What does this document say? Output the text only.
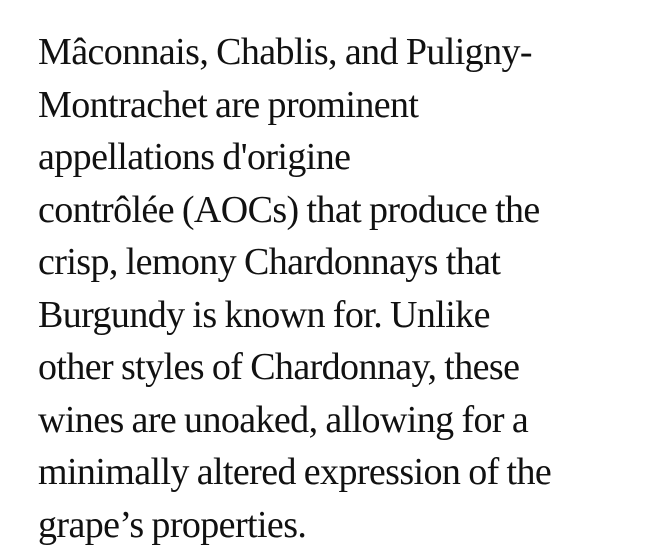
Mâconnais, Chablis, and Puligny-
Montrachet are prominent
appellations d'origine
contrôlée (AOCs) that produce the
crisp, lemony Chardonnays that
Burgundy is known for. Unlike
other styles of Chardonnay, these
wines are unoaked, allowing for a
minimally altered expression of the
grape’s properties.
